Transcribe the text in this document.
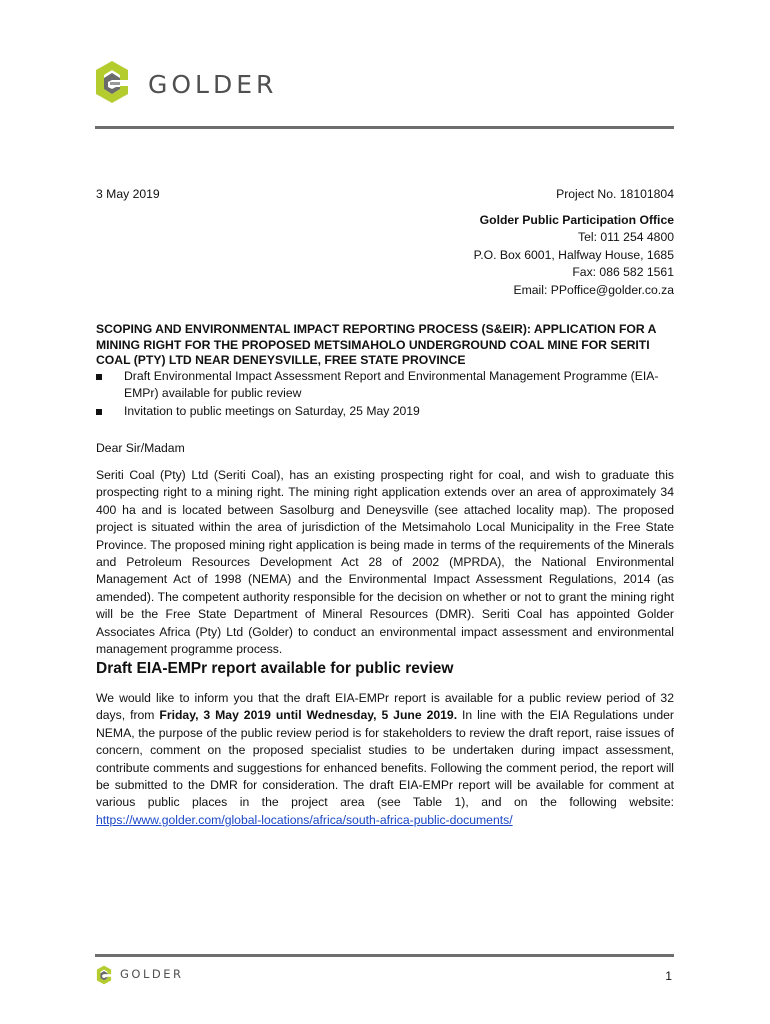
GOLDER
3 May 2019	Project No. 18101804
Golder Public Participation Office
Tel: 011 254 4800
P.O. Box 6001, Halfway House, 1685
Fax: 086 582 1561
Email: PPoffice@golder.co.za
SCOPING AND ENVIRONMENTAL IMPACT REPORTING PROCESS (S&EIR): APPLICATION FOR A MINING RIGHT FOR THE PROPOSED METSIMAHOLO UNDERGROUND COAL MINE FOR SERITI COAL (PTY) LTD NEAR DENEYSVILLE, FREE STATE PROVINCE
Draft Environmental Impact Assessment Report and Environmental Management Programme (EIA-EMPr) available for public review
Invitation to public meetings on Saturday, 25 May 2019
Dear Sir/Madam
Seriti Coal (Pty) Ltd (Seriti Coal), has an existing prospecting right for coal, and wish to graduate this prospecting right to a mining right. The mining right application extends over an area of approximately 34 400 ha and is located between Sasolburg and Deneysville (see attached locality map). The proposed project is situated within the area of jurisdiction of the Metsimaholo Local Municipality in the Free State Province. The proposed mining right application is being made in terms of the requirements of the Minerals and Petroleum Resources Development Act 28 of 2002 (MPRDA), the National Environmental Management Act of 1998 (NEMA) and the Environmental Impact Assessment Regulations, 2014 (as amended). The competent authority responsible for the decision on whether or not to grant the mining right will be the Free State Department of Mineral Resources (DMR). Seriti Coal has appointed Golder Associates Africa (Pty) Ltd (Golder) to conduct an environmental impact assessment and environmental management programme process.
Draft EIA-EMPr report available for public review
We would like to inform you that the draft EIA-EMPr report is available for a public review period of 32 days, from Friday, 3 May 2019 until Wednesday, 5 June 2019. In line with the EIA Regulations under NEMA, the purpose of the public review period is for stakeholders to review the draft report, raise issues of concern, comment on the proposed specialist studies to be undertaken during impact assessment, contribute comments and suggestions for enhanced benefits. Following the comment period, the report will be submitted to the DMR for consideration. The draft EIA-EMPr report will be available for comment at various public places in the project area (see Table 1), and on the following website: https://www.golder.com/global-locations/africa/south-africa-public-documents/
GOLDER	1
